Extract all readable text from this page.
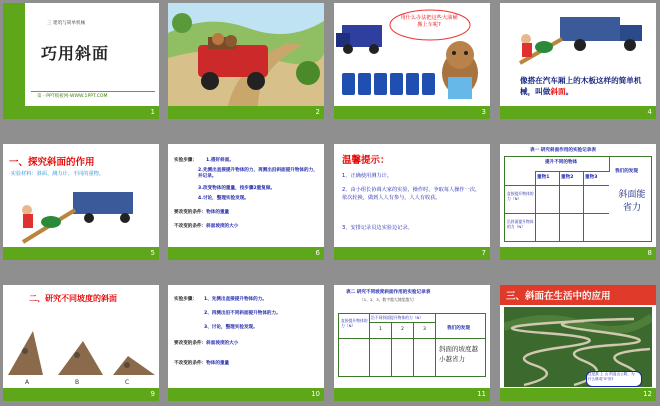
三 建筑与简单机械
巧用斜面
第一PPT模板网-WWW.1PPT.COM
1	2
用什么办法把这些大油桶搬上车呢?
3
像搭在汽车厢上的木板这样的简单机械，叫做斜面。
4
一、探究斜面的作用
·实验材料：斜面、测力计、不同的重物。
5
实验步骤： 1.搭好斜面。
2.先测出直接提升物体的力，再测出沿斜面提升物体的力，并记录。
3.改变物体的重量，按步骤2重复做。
4.讨论，整理实验发现。
要改变的条件：物体的重量
不改变的条件：斜面坡度的大小
6
温馨提示：
1、正确使用测力计。
2、由小组长协调大家的实验，操作时，争取每人操作一次，依次轮换，做到人人有参与，人人有收获。
3、安排记录员边实验边记录。
7
表一 研究斜面作用的实验记录表
提升不同的物体
重物1	重物2	重物3
我们的发现
直接提升物体的力（N）
沿斜面提升物体的力（N）
斜面能省力
8
二、研究不同坡度的斜面
A	B	C
9
实验步骤： 1、先测出直接提升物体的力。
2、再测出沿不同斜面提升物体的力。
3、讨论，整理实验发现。
要改变的条件：斜面坡度的大小
不改变的条件：物体的重量
10
表二 研究不同坡度斜面作用的实验记录表
（1、2、3，数字越大坡度越大）
直接提升物体的力（N）
沿不同斜面提升物体的力（N）
1	2	3	我们的发现
斜面的坡度越小越省力
11
三、斜面在生活中的应用
这是我 上 山 的盘山公路，为什么修成"S"形?
12
